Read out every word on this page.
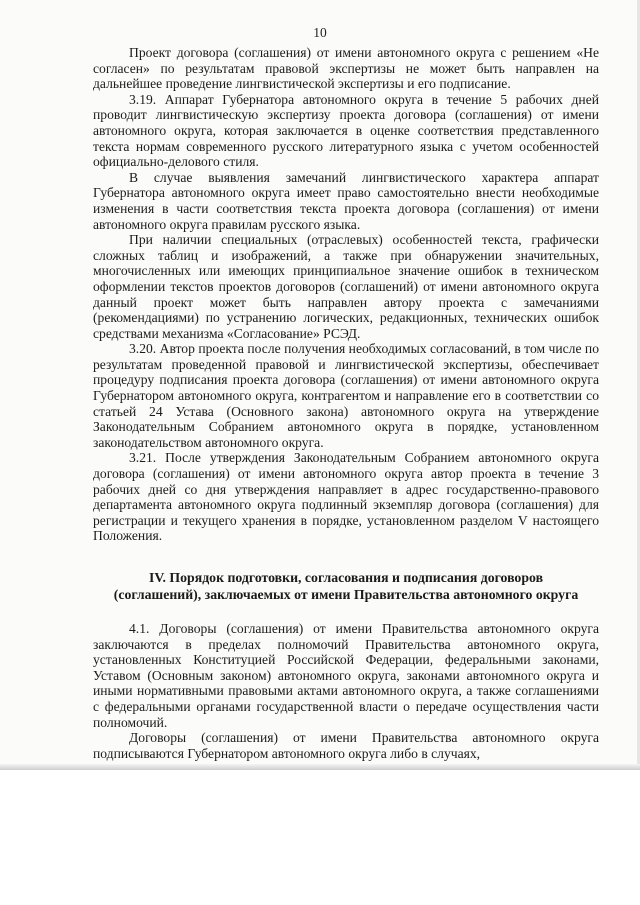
10

Проект договора (соглашения) от имени автономного округа с решением «Не согласен» по результатам правовой экспертизы не может быть направлен на дальнейшее проведение лингвистической экспертизы и его подписание.

3.19. Аппарат Губернатора автономного округа в течение 5 рабочих дней проводит лингвистическую экспертизу проекта договора (соглашения) от имени автономного округа, которая заключается в оценке соответствия представленного текста нормам современного русского литературного языка с учетом особенностей официально-делового стиля.

В случае выявления замечаний лингвистического характера аппарат Губернатора автономного округа имеет право самостоятельно внести необходимые изменения в части соответствия текста проекта договора (соглашения) от имени автономного округа правилам русского языка.

При наличии специальных (отраслевых) особенностей текста, графически сложных таблиц и изображений, а также при обнаружении значительных, многочисленных или имеющих принципиальное значение ошибок в техническом оформлении текстов проектов договоров (соглашений) от имени автономного округа данный проект может быть направлен автору проекта с замечаниями (рекомендациями) по устранению логических, редакционных, технических ошибок средствами механизма «Согласование» РСЭД.

3.20. Автор проекта после получения необходимых согласований, в том числе по результатам проведенной правовой и лингвистической экспертизы, обеспечивает процедуру подписания проекта договора (соглашения) от имени автономного округа Губернатором автономного округа, контрагентом и направление его в соответствии со статьей 24 Устава (Основного закона) автономного округа на утверждение Законодательным Собранием автономного округа в порядке, установленном законодательством автономного округа.

3.21. После утверждения Законодательным Собранием автономного округа договора (соглашения) от имени автономного округа автор проекта в течение 3 рабочих дней со дня утверждения направляет в адрес государственно-правового департамента автономного округа подлинный экземпляр договора (соглашения) для регистрации и текущего хранения в порядке, установленном разделом V настоящего Положения.

IV. Порядок подготовки, согласования и подписания договоров
(соглашений), заключаемых от имени Правительства автономного округа

4.1. Договоры (соглашения) от имени Правительства автономного округа заключаются в пределах полномочий Правительства автономного округа, установленных Конституцией Российской Федерации, федеральными законами, Уставом (Основным законом) автономного округа, законами автономного округа и иными нормативными правовыми актами автономного округа, а также соглашениями с федеральными органами государственной власти о передаче осуществления части полномочий.

Договоры (соглашения) от имени Правительства автономного округа подписываются Губернатором автономного округа либо в случаях,
